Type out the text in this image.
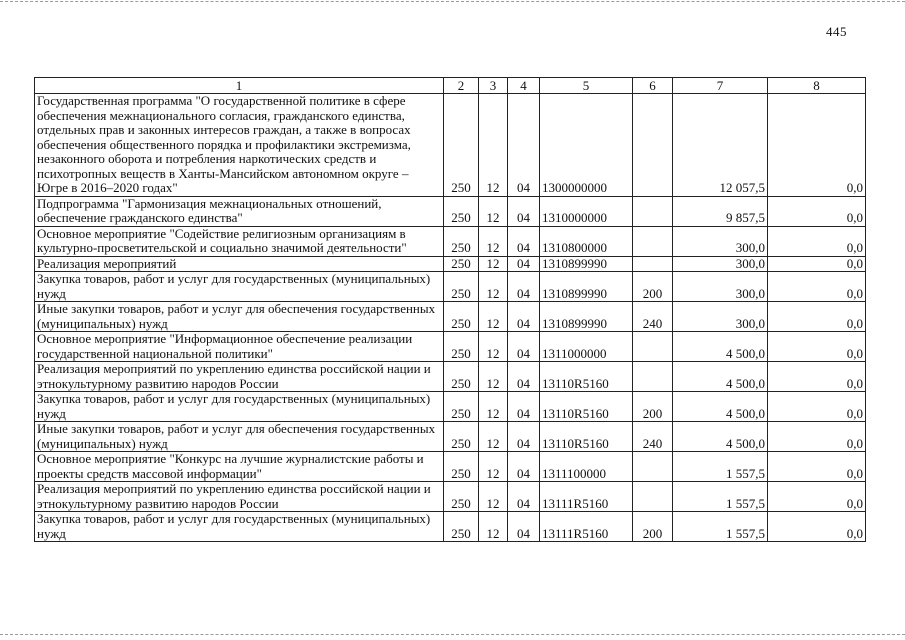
445
1	2	3	4	5	6	7	8
Государственная программа "О государственной политике в сфере обеспечения межнационального согласия, гражданского единства, отдельных прав и законных интересов граждан, а также в вопросах обеспечения общественного порядка и профилактики экстремизма, незаконного оборота и потребления наркотических средств и психотропных веществ в Ханты-Мансийском автономном округе – Югре в 2016–2020 годах"	250	12	04	1300000000		12 057,5	0,0
Подпрограмма "Гармонизация межнациональных отношений, обеспечение гражданского единства"	250	12	04	1310000000		9 857,5	0,0
Основное мероприятие "Содействие религиозным организациям в культурно-просветительской и социально значимой деятельности"	250	12	04	1310800000		300,0	0,0
Реализация мероприятий	250	12	04	1310899990		300,0	0,0
Закупка товаров, работ и услуг для государственных (муниципальных) нужд	250	12	04	1310899990	200	300,0	0,0
Иные закупки товаров, работ и услуг для обеспечения государственных (муниципальных) нужд	250	12	04	1310899990	240	300,0	0,0
Основное мероприятие "Информационное обеспечение реализации государственной национальной политики"	250	12	04	1311000000		4 500,0	0,0
Реализация мероприятий по укреплению единства российской нации и этнокультурному развитию народов России	250	12	04	13110R5160		4 500,0	0,0
Закупка товаров, работ и услуг для государственных (муниципальных) нужд	250	12	04	13110R5160	200	4 500,0	0,0
Иные закупки товаров, работ и услуг для обеспечения государственных (муниципальных) нужд	250	12	04	13110R5160	240	4 500,0	0,0
Основное мероприятие "Конкурс на лучшие журналистские работы и проекты средств массовой информации"	250	12	04	1311100000		1 557,5	0,0
Реализация мероприятий по укреплению единства российской нации и этнокультурному развитию народов России	250	12	04	13111R5160		1 557,5	0,0
Закупка товаров, работ и услуг для государственных (муниципальных) нужд	250	12	04	13111R5160	200	1 557,5	0,0
